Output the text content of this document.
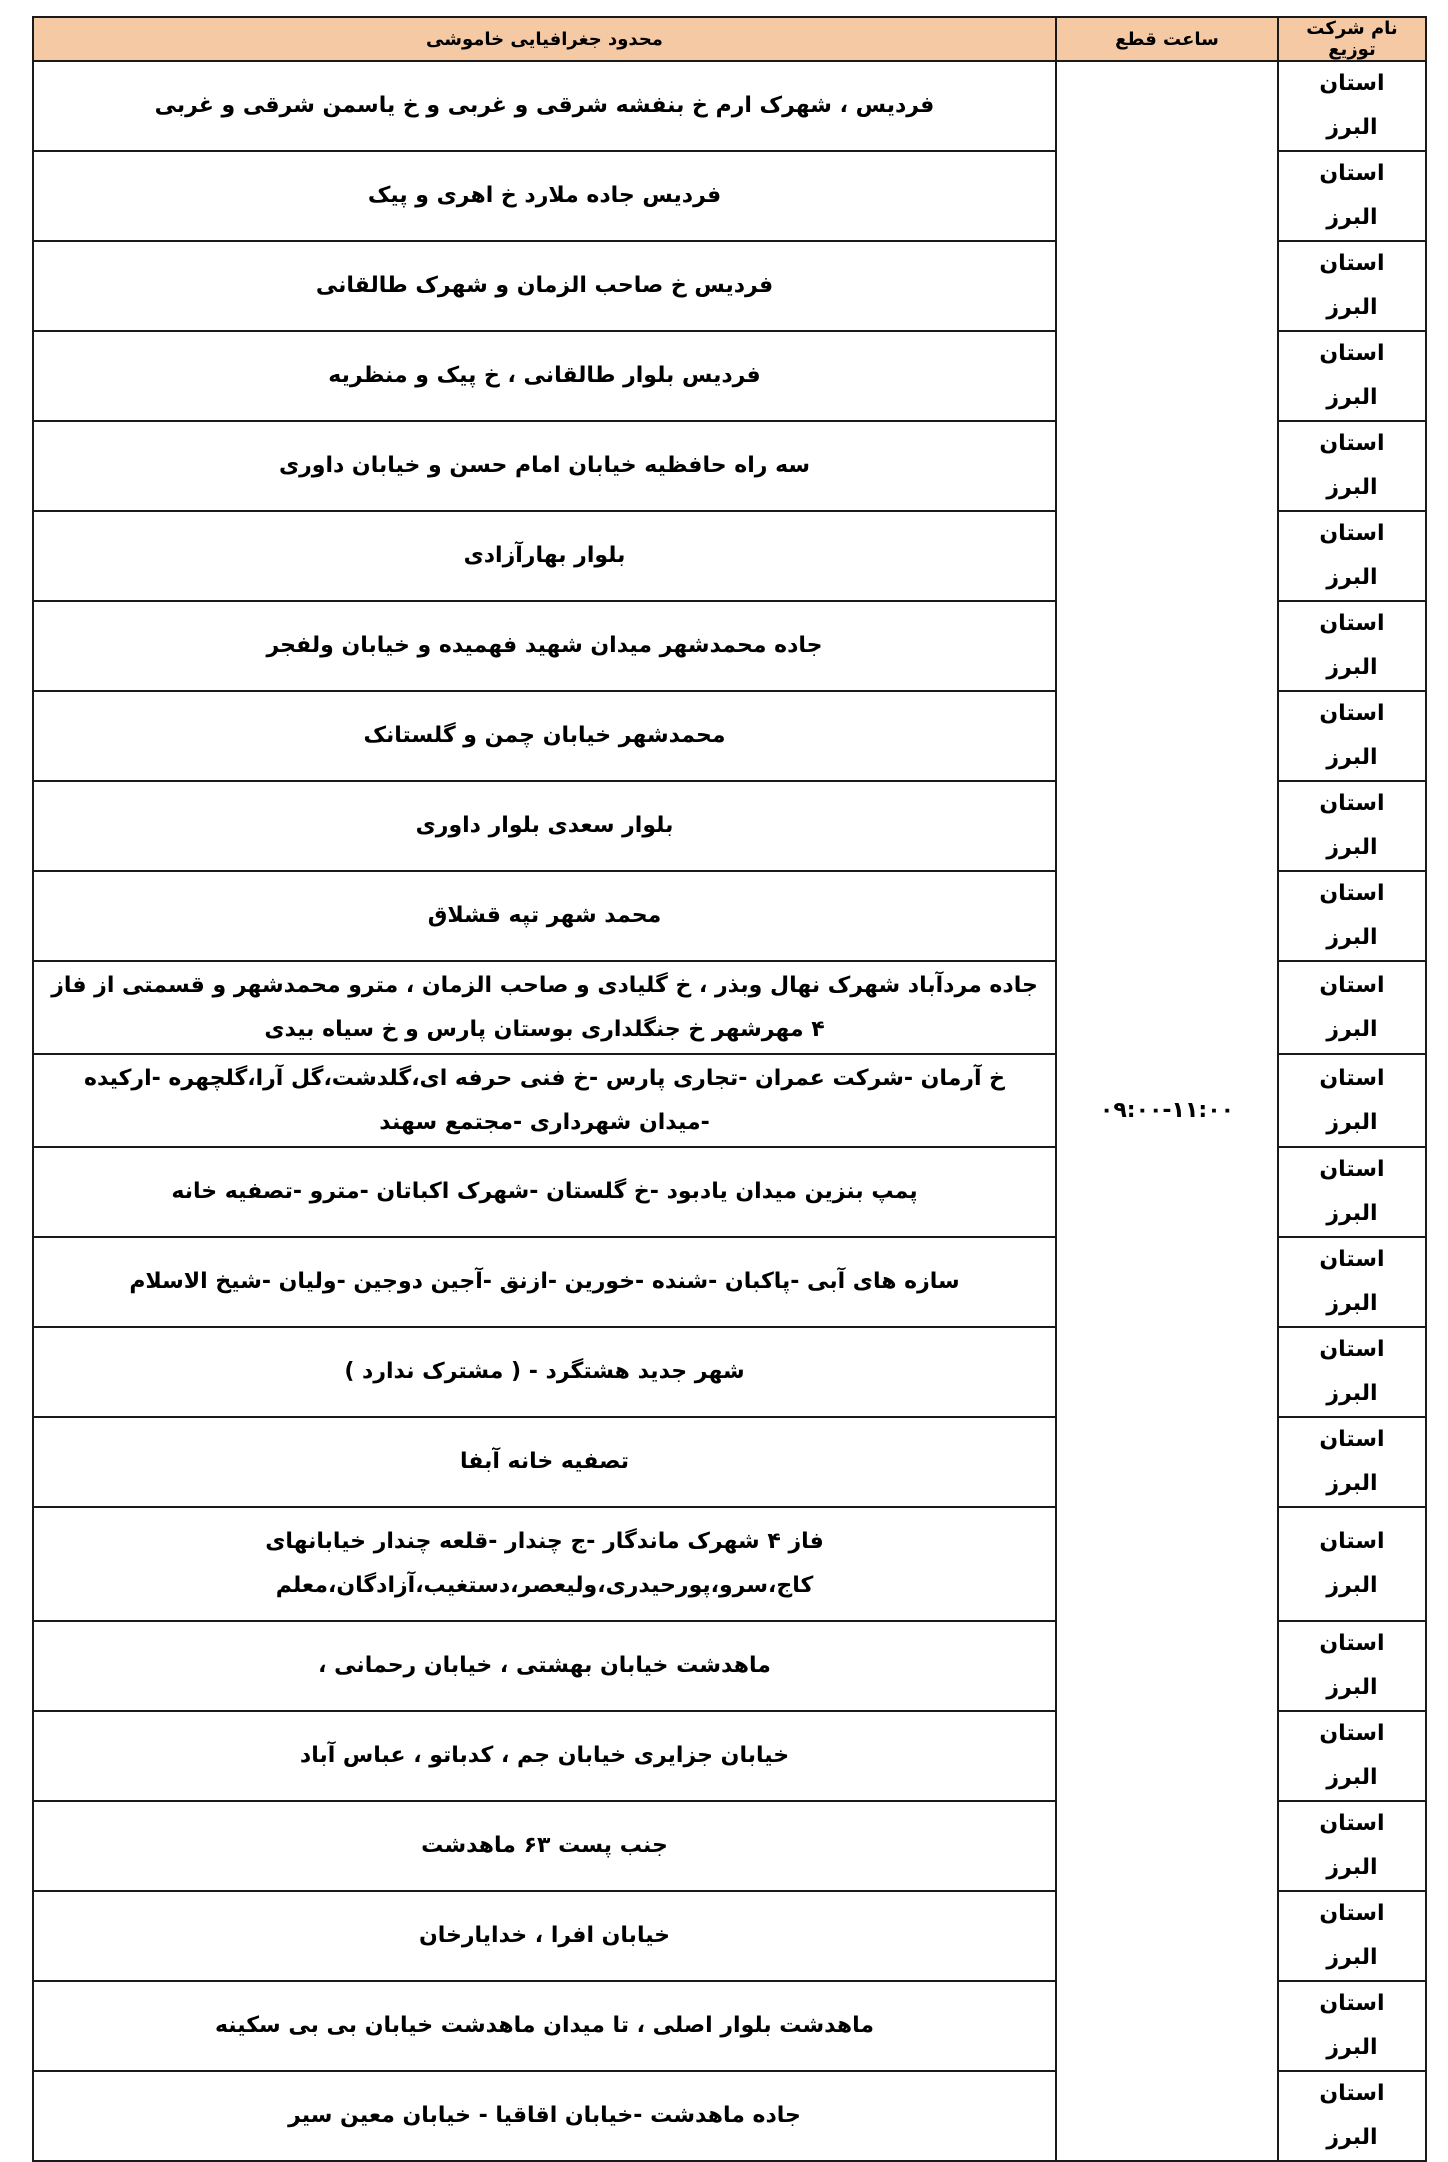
نام شرکت توزیع	ساعت قطع	محدود جغرافیایی خاموشی
استان البرز	۰۹:۰۰-۱۱:۰۰	فردیس ، شهرک ارم خ بنفشه شرقی و غربی و خ یاسمن شرقی و غربی
استان البرز		فردیس جاده ملارد خ اهری و پیک
استان البرز		فردیس خ صاحب الزمان و شهرک طالقانی
استان البرز		فردیس بلوار طالقانی ، خ پیک و منظریه
استان البرز		سه راه حافظیه خیابان امام حسن و خیابان داوری
استان البرز		بلوار بهارآزادی
استان البرز		جاده محمدشهر میدان شهید فهمیده و خیابان ولفجر
استان البرز		محمدشهر خیابان چمن و گلستانک
استان البرز		بلوار سعدی بلوار داوری
استان البرز		محمد شهر تپه قشلاق
استان البرز		جاده مردآباد شهرک نهال وبذر ، خ گلیادی و صاحب الزمان ، مترو محمدشهر و قسمتی از فاز ۴ مهرشهر خ جنگلداری بوستان پارس و خ سیاه بیدی
استان البرز		خ آرمان -شرکت عمران -تجاری پارس -خ فنی حرفه ای،گلدشت،گل آرا،گلچهره -ارکیده -میدان شهرداری -مجتمع سهند
استان البرز		پمپ بنزین میدان یادبود -خ گلستان -شهرک اکباتان -مترو -تصفیه خانه
استان البرز		سازه های آبی -پاکبان -شنده -خورین -ازنق -آجین دوجین -ولیان -شیخ الاسلام
استان البرز		شهر جدید هشتگرد - ( مشترک ندارد )
استان البرز		تصفیه خانه آبفا
استان البرز		فاز ۴ شهرک ماندگار -ج چندار -قلعه چندار خیابانهای کاج،سرو،پورحیدری،ولیعصر،دستغیب،آزادگان،معلم
استان البرز		ماهدشت خیابان بهشتی ، خیابان رحمانی ،
استان البرز		خیابان جزایری خیابان جم ، کدباتو ، عباس آباد
استان البرز		جنب پست ۶۳ ماهدشت
استان البرز		خیابان افرا ، خدایارخان
استان البرز		ماهدشت بلوار اصلی ، تا میدان ماهدشت خیابان بی بی سکینه
استان البرز		جاده ماهدشت -خیابان اقاقیا - خیابان معین سیر
